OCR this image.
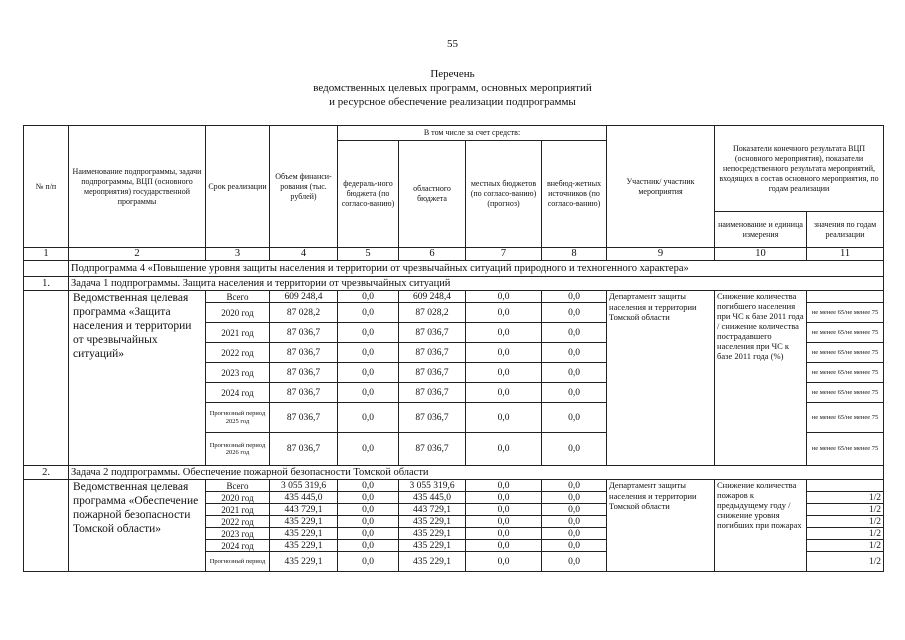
55
Перечень
ведомственных целевых программ, основных мероприятий
и ресурсное обеспечение реализации подпрограммы
№ п/п	Наименование подпрограммы, задачи подпрограммы, ВЦП (основного мероприятия) государственной программы	Срок реализации	Объем финанси-рования (тыс. рублей)	В том числе за счет средств:				Участник/ участник мероприятия	Показатели конечного результата ВЦП (основного мероприятия), показатели непосредственного результата мероприятий, входящих в состав основного мероприятия, по годам реализации	
				федераль-ного бюджета (по согласо-ванию)	областного бюджета	местных бюджетов (по согласо-ванию) (прогноз)	внебюд-жетных источников (по согласо-ванию)			
									наименование и единица измерения	значения по годам реализации
1	2	3	4	5	6	7	8	9	10	11
	Подпрограмма 4 «Повышение уровня защиты населения и территории от чрезвычайных ситуаций природного и техногенного характера»									
1.	Задача 1 подпрограммы. Защита населения и территории от чрезвычайных ситуаций									
	Ведомственная целевая программа «Защита населения и территории от чрезвычайных ситуаций»	Всего	609 248,4	0,0	609 248,4	0,0	0,0	Департамент защиты населения и территории Томской области	Снижение количества погибшего населения при ЧС к базе 2011 года / снижение количества пострадавшего населения при ЧС к базе 2011 года (%)	
		2020 год	87 028,2	0,0	87 028,2	0,0	0,0			не менее 65/не менее 75
		2021 год	87 036,7	0,0	87 036,7	0,0	0,0			не менее 65/не менее 75
		2022 год	87 036,7	0,0	87 036,7	0,0	0,0			не менее 65/не менее 75
		2023 год	87 036,7	0,0	87 036,7	0,0	0,0			не менее 65/не менее 75
		2024 год	87 036,7	0,0	87 036,7	0,0	0,0			не менее 65/не менее 75
		Прогнозный период 2025 год	87 036,7	0,0	87 036,7	0,0	0,0			не менее 65/не менее 75
		Прогнозный период 2026 год	87 036,7	0,0	87 036,7	0,0	0,0			не менее 65/не менее 75
2.	Задача 2 подпрограммы. Обеспечение пожарной безопасности Томской области									
	Ведомственная целевая программа «Обеспечение пожарной безопасности Томской области»	Всего	3 055 319,6	0,0	3 055 319,6	0,0	0,0	Департамент защиты населения и территории Томской области	Снижение количества пожаров к предыдущему году / снижение уровня погибших при пожарах	
		2020 год	435 445,0	0,0	435 445,0	0,0	0,0			1/2
		2021 год	443 729,1	0,0	443 729,1	0,0	0,0			1/2
		2022 год	435 229,1	0,0	435 229,1	0,0	0,0			1/2
		2023 год	435 229,1	0,0	435 229,1	0,0	0,0			1/2
		2024 год	435 229,1	0,0	435 229,1	0,0	0,0			1/2
		Прогнозный период	435 229,1	0,0	435 229,1	0,0	0,0			1/2
